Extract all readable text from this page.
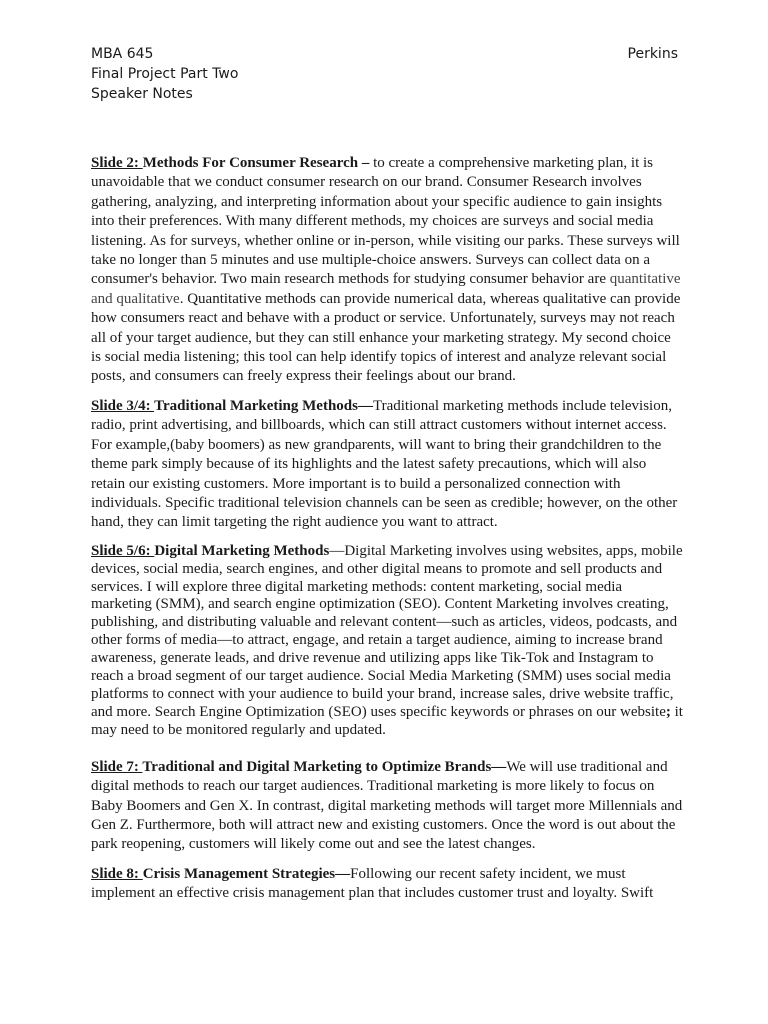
MBA 645
Final Project Part Two
Speaker Notes
Perkins

Slide 2: Methods For Consumer Research – to create a comprehensive marketing plan, it is unavoidable that we conduct consumer research on our brand. Consumer Research involves gathering, analyzing, and interpreting information about your specific audience to gain insights into their preferences. With many different methods, my choices are surveys and social media listening. As for surveys, whether online or in-person, while visiting our parks. These surveys will take no longer than 5 minutes and use multiple-choice answers. Surveys can collect data on a consumer's behavior. Two main research methods for studying consumer behavior are quantitative and qualitative. Quantitative methods can provide numerical data, whereas qualitative can provide how consumers react and behave with a product or service. Unfortunately, surveys may not reach all of your target audience, but they can still enhance your marketing strategy. My second choice is social media listening; this tool can help identify topics of interest and analyze relevant social posts, and consumers can freely express their feelings about our brand.

Slide 3/4: Traditional Marketing Methods—Traditional marketing methods include television, radio, print advertising, and billboards, which can still attract customers without internet access. For example,(baby boomers) as new grandparents, will want to bring their grandchildren to the theme park simply because of its highlights and the latest safety precautions, which will also retain our existing customers. More important is to build a personalized connection with individuals. Specific traditional television channels can be seen as credible; however, on the other hand, they can limit targeting the right audience you want to attract.

Slide 5/6: Digital Marketing Methods—Digital Marketing involves using websites, apps, mobile devices, social media, search engines, and other digital means to promote and sell products and services. I will explore three digital marketing methods: content marketing, social media marketing (SMM), and search engine optimization (SEO). Content Marketing involves creating, publishing, and distributing valuable and relevant content—such as articles, videos, podcasts, and other forms of media—to attract, engage, and retain a target audience, aiming to increase brand awareness, generate leads, and drive revenue and utilizing apps like Tik-Tok and Instagram to reach a broad segment of our target audience. Social Media Marketing (SMM) uses social media platforms to connect with your audience to build your brand, increase sales, drive website traffic, and more. Search Engine Optimization (SEO) uses specific keywords or phrases on our website; it may need to be monitored regularly and updated.

Slide 7: Traditional and Digital Marketing to Optimize Brands—We will use traditional and digital methods to reach our target audiences. Traditional marketing is more likely to focus on Baby Boomers and Gen X. In contrast, digital marketing methods will target more Millennials and Gen Z. Furthermore, both will attract new and existing customers. Once the word is out about the park reopening, customers will likely come out and see the latest changes.

Slide 8: Crisis Management Strategies—Following our recent safety incident, we must implement an effective crisis management plan that includes customer trust and loyalty. Swift
